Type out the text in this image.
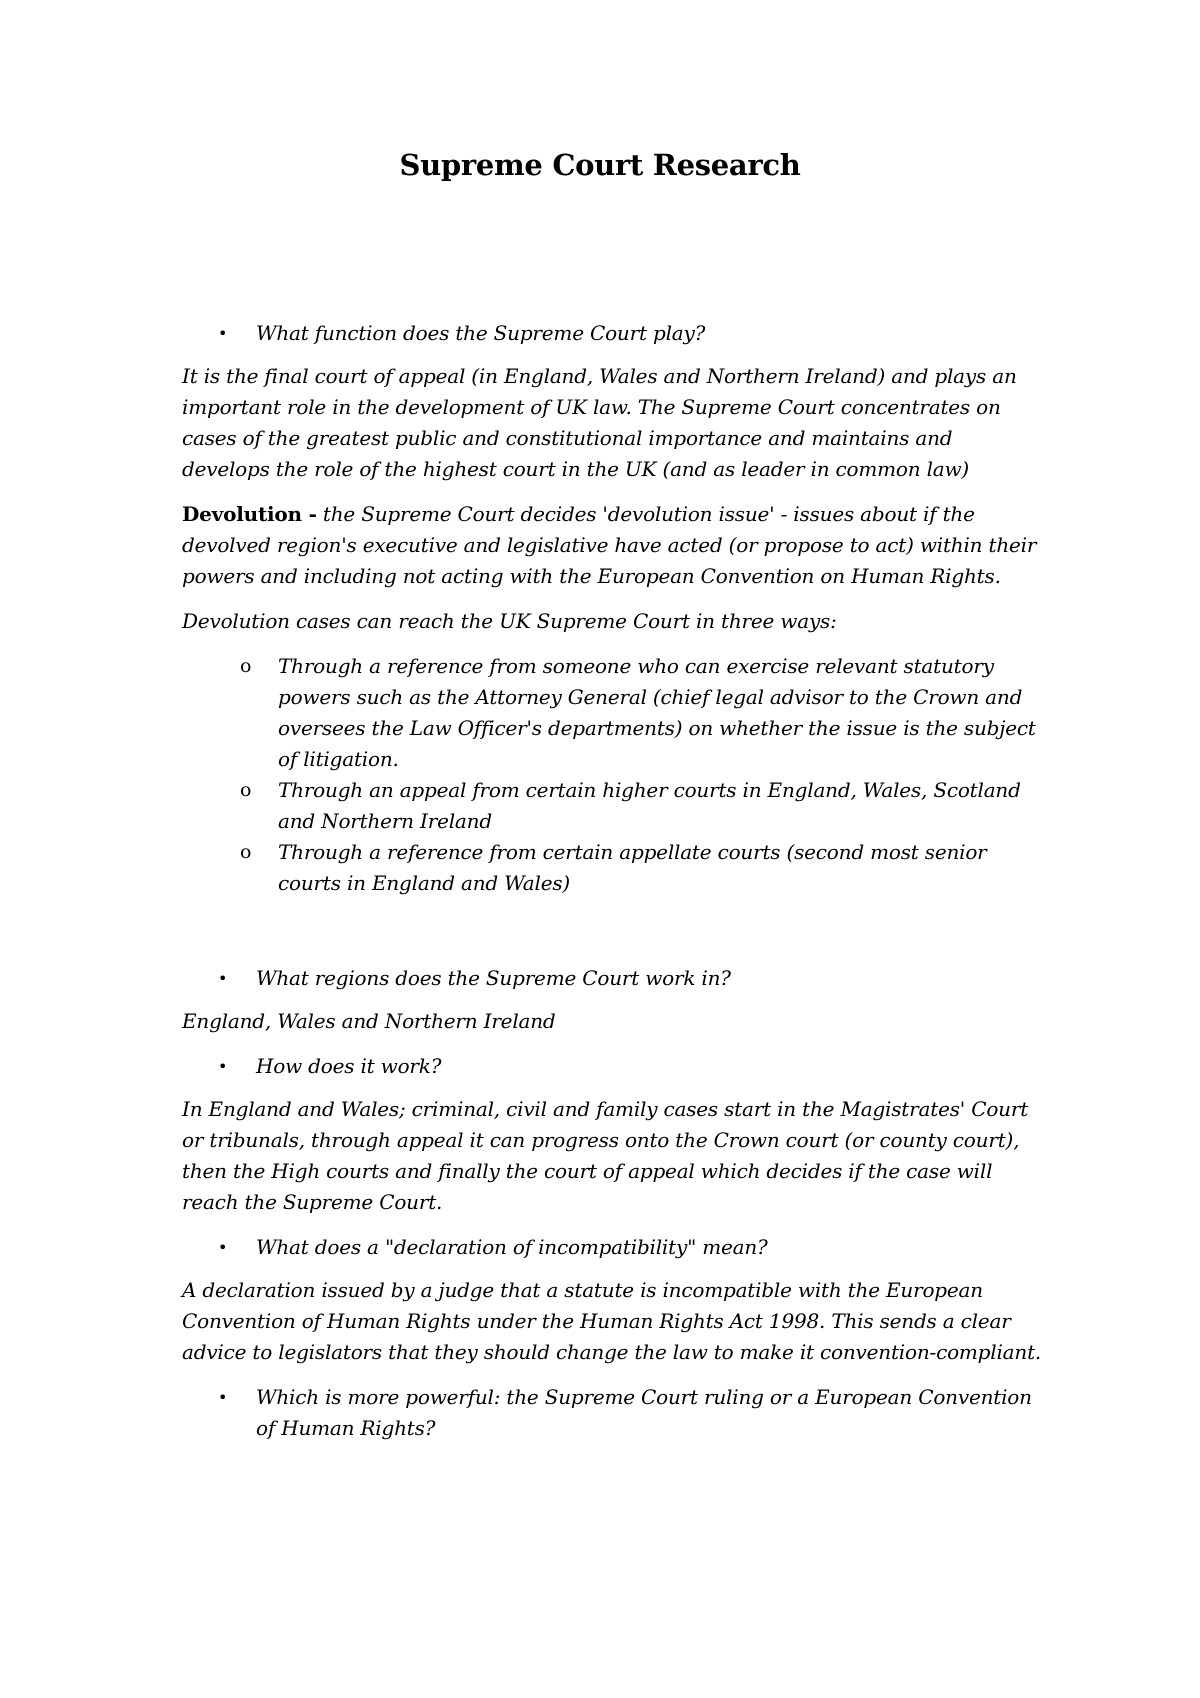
Supreme Court Research
• What function does the Supreme Court play?

It is the final court of appeal (in England, Wales and Northern Ireland) and plays an important role in the development of UK law. The Supreme Court concentrates on cases of the greatest public and constitutional importance and maintains and develops the role of the highest court in the UK (and as leader in common law)

Devolution - the Supreme Court decides 'devolution issue' - issues about if the devolved region's executive and legislative have acted (or propose to act) within their powers and including not acting with the European Convention on Human Rights.

Devolution cases can reach the UK Supreme Court in three ways:

o Through a reference from someone who can exercise relevant statutory powers such as the Attorney General (chief legal advisor to the Crown and oversees the Law Officer's departments) on whether the issue is the subject of litigation.
o Through an appeal from certain higher courts in England, Wales, Scotland and Northern Ireland
o Through a reference from certain appellate courts (second most senior courts in England and Wales)
• What regions does the Supreme Court work in?

England, Wales and Northern Ireland

• How does it work?

In England and Wales; criminal, civil and family cases start in the Magistrates' Court or tribunals, through appeal it can progress onto the Crown court (or county court), then the High courts and finally the court of appeal which decides if the case will reach the Supreme Court.

• What does a "declaration of incompatibility" mean?

A declaration issued by a judge that a statute is incompatible with the European Convention of Human Rights under the Human Rights Act 1998. This sends a clear advice to legislators that they should change the law to make it convention-compliant.

• Which is more powerful: the Supreme Court ruling or a European Convention of Human Rights?
